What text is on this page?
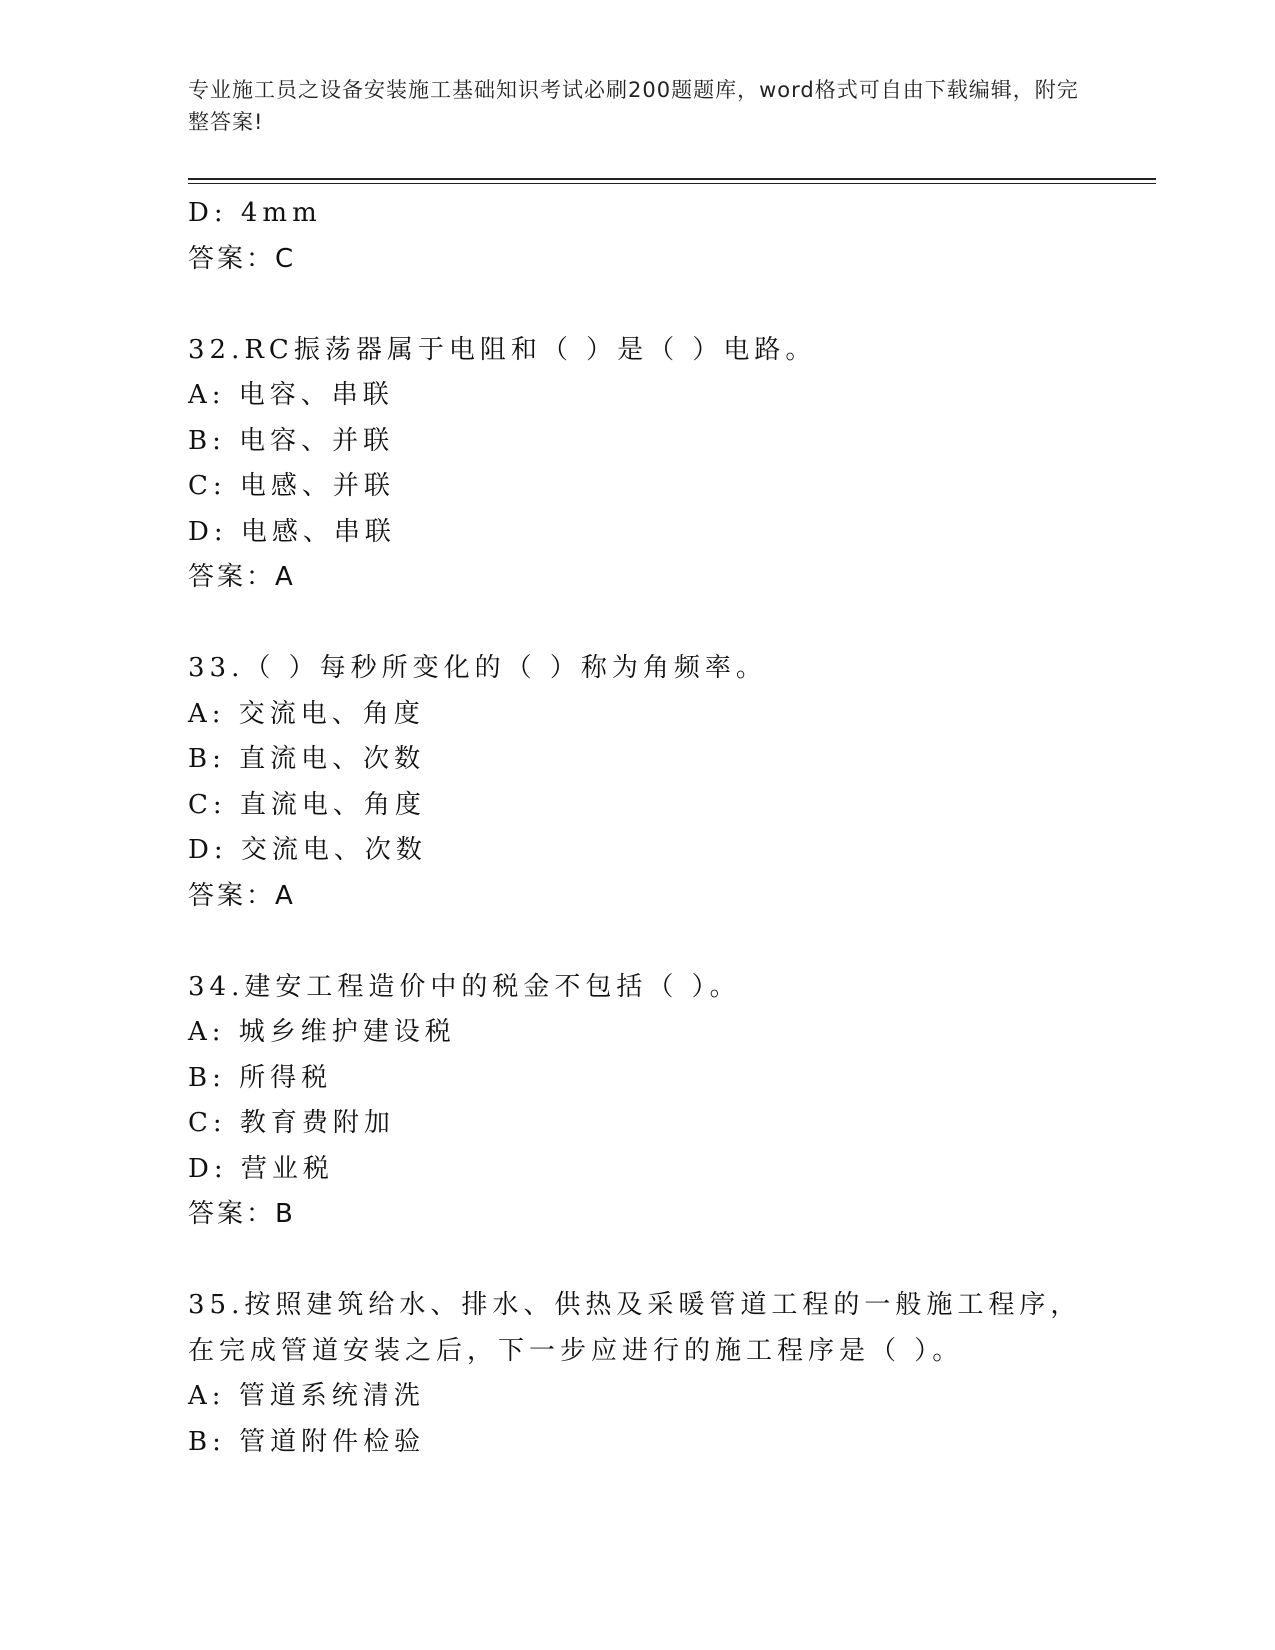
专业施工员之设备安装施工基础知识考试必刷200题题库，word格式可自由下载编辑，附完整答案!
D: 4mm
答案：C
32.RC振荡器属于电阻和（ ）是（ ）电路。
A: 电容、串联
B: 电容、并联
C: 电感、并联
D: 电感、串联
答案：A
33.（ ）每秒所变化的（ ）称为角频率。
A: 交流电、角度
B: 直流电、次数
C: 直流电、角度
D: 交流电、次数
答案：A
34.建安工程造价中的税金不包括（ ）。
A: 城乡维护建设税
B: 所得税
C: 教育费附加
D: 营业税
答案：B
35.按照建筑给水、排水、供热及采暖管道工程的一般施工程序，在完成管道安装之后，下一步应进行的施工程序是（ ）。
A: 管道系统清洗
B: 管道附件检验
